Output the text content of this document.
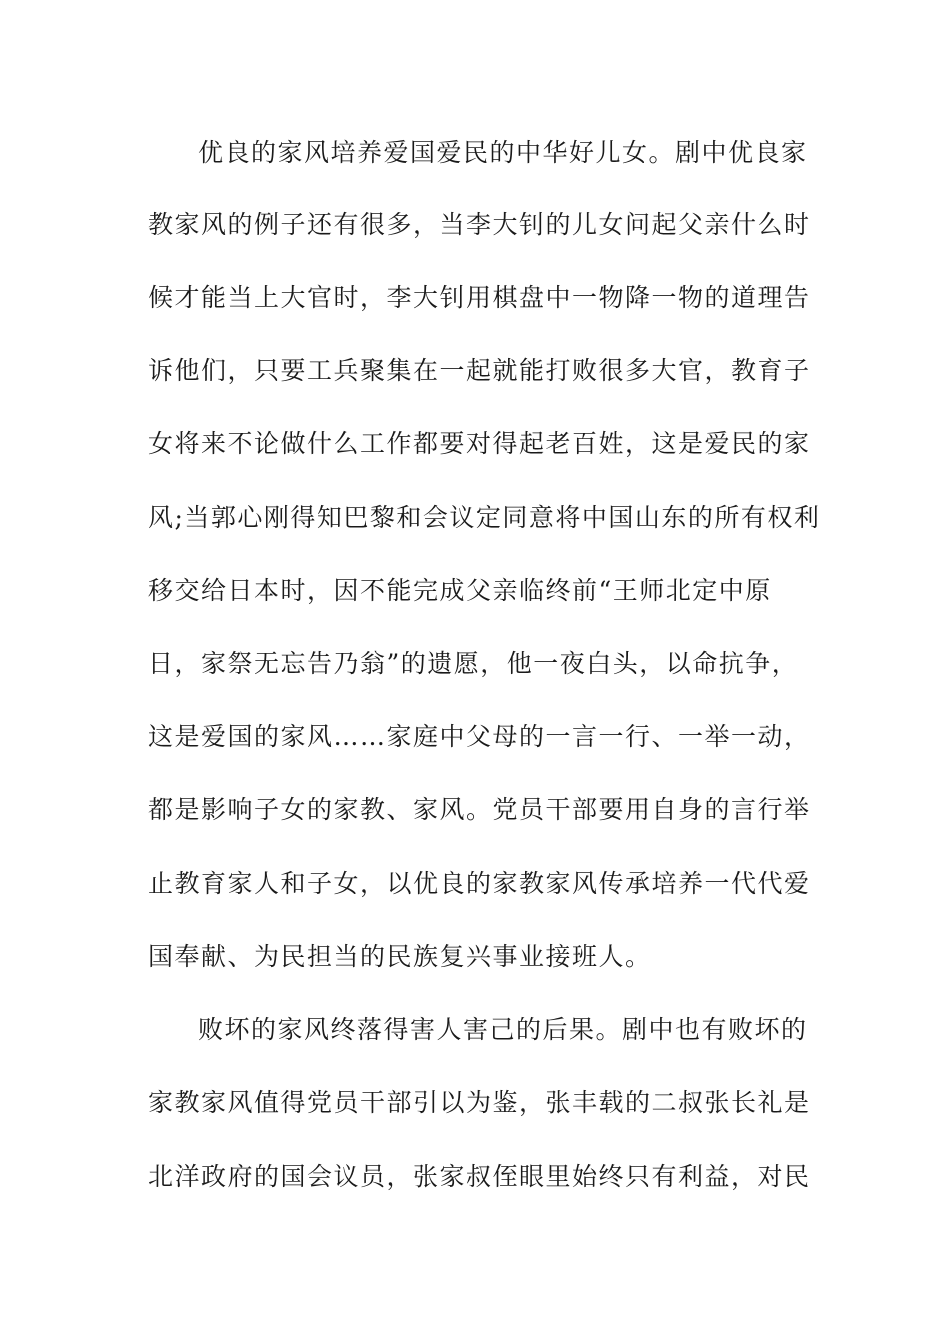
优良的家风培养爱国爱民的中华好儿女。剧中优良家
教家风的例子还有很多，当李大钊的儿女问起父亲什么时
候才能当上大官时，李大钊用棋盘中一物降一物的道理告
诉他们，只要工兵聚集在一起就能打败很多大官，教育子
女将来不论做什么工作都要对得起老百姓，这是爱民的家
风;当郭心刚得知巴黎和会议定同意将中国山东的所有权利
移交给日本时，因不能完成父亲临终前“王师北定中原
日，家祭无忘告乃翁”的遗愿，他一夜白头，以命抗争，
这是爱国的家风……家庭中父母的一言一行、一举一动，
都是影响子女的家教、家风。党员干部要用自身的言行举
止教育家人和子女，以优良的家教家风传承培养一代代爱
国奉献、为民担当的民族复兴事业接班人。
败坏的家风终落得害人害己的后果。剧中也有败坏的
家教家风值得党员干部引以为鉴，张丰载的二叔张长礼是
北洋政府的国会议员，张家叔侄眼里始终只有利益，对民
